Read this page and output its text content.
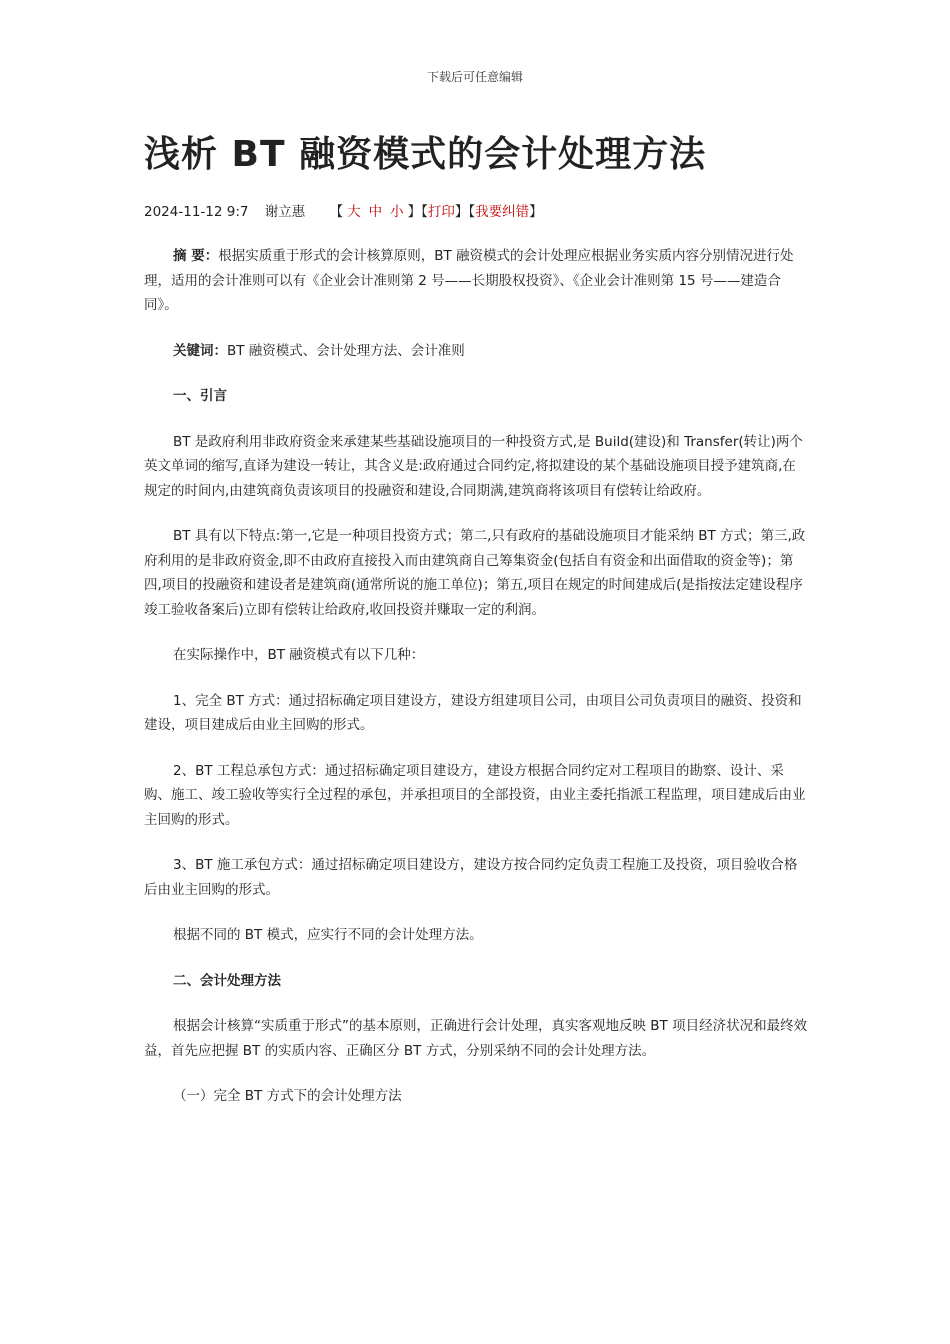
下载后可任意编辑
浅析 BT 融资模式的会计处理方法
2024-11-12 9:7 谢立惠 【 大 中 小 】【打印】【我要纠错】

摘 要：根据实质重于形式的会计核算原则，BT 融资模式的会计处理应根据业务实质内容分别情况进行处理，适用的会计准则可以有《企业会计准则第 2 号——长期股权投资》、《企业会计准则第 15 号——建造合同》。

关键词：BT 融资模式、会计处理方法、会计准则

一、引言

BT 是政府利用非政府资金来承建某些基础设施项目的一种投资方式,是 Build(建设)和 Transfer(转让)两个英文单词的缩写,直译为建设一转让，其含义是:政府通过合同约定,将拟建设的某个基础设施项目授予建筑商,在规定的时间内,由建筑商负责该项目的投融资和建设,合同期满,建筑商将该项目有偿转让给政府。

BT 具有以下特点:第一,它是一种项目投资方式；第二,只有政府的基础设施项目才能采纳 BT 方式；第三,政府利用的是非政府资金,即不由政府直接投入而由建筑商自己筹集资金(包括自有资金和出面借取的资金等)；第四,项目的投融资和建设者是建筑商(通常所说的施工单位)；第五,项目在规定的时间建成后(是指按法定建设程序竣工验收备案后)立即有偿转让给政府,收回投资并赚取一定的利润。

在实际操作中，BT 融资模式有以下几种：

1、完全 BT 方式：通过招标确定项目建设方，建设方组建项目公司，由项目公司负责项目的融资、投资和建设，项目建成后由业主回购的形式。

2、BT 工程总承包方式：通过招标确定项目建设方，建设方根据合同约定对工程项目的勘察、设计、采购、施工、竣工验收等实行全过程的承包，并承担项目的全部投资，由业主委托指派工程监理，项目建成后由业主回购的形式。

3、BT 施工承包方式：通过招标确定项目建设方，建设方按合同约定负责工程施工及投资，项目验收合格后由业主回购的形式。

根据不同的 BT 模式，应实行不同的会计处理方法。

二、会计处理方法

根据会计核算“实质重于形式”的基本原则，正确进行会计处理，真实客观地反映 BT 项目经济状况和最终效益，首先应把握 BT 的实质内容、正确区分 BT 方式，分别采纳不同的会计处理方法。

（一）完全 BT 方式下的会计处理方法
